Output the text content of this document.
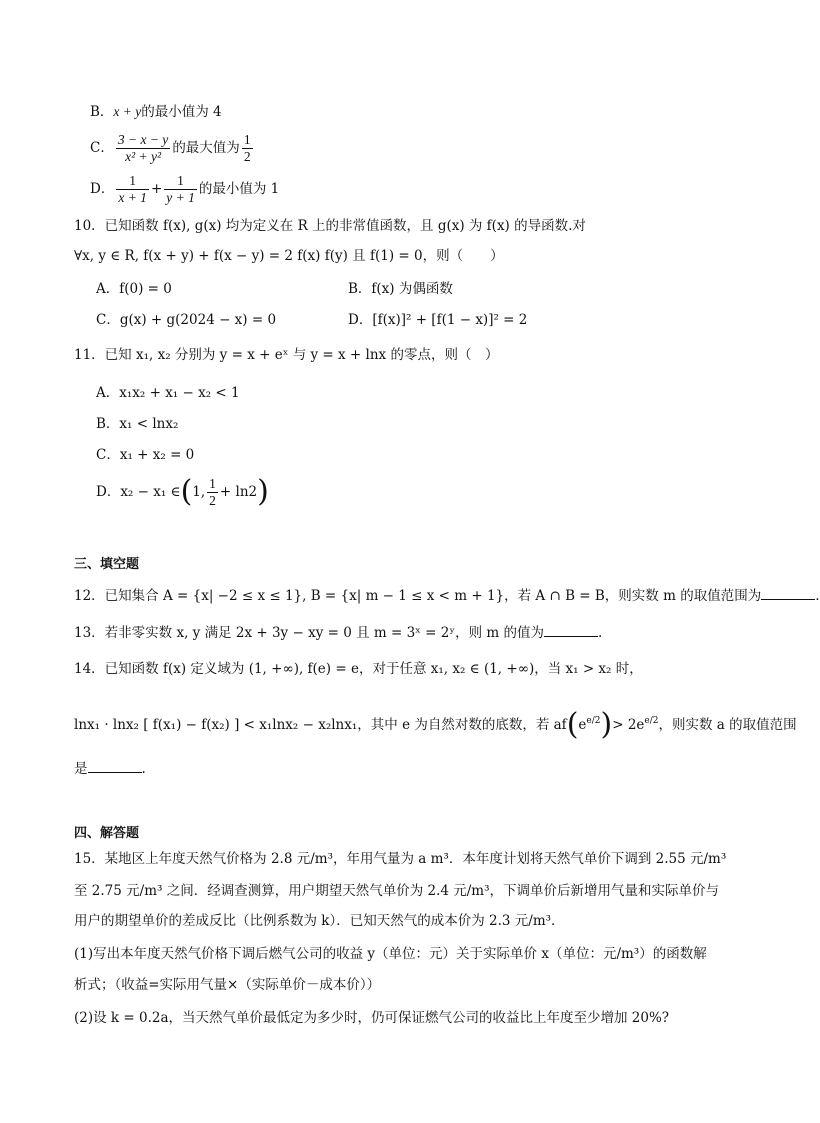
B．x + y的最小值为 4
C． $\frac{3 - x - y}{\text{x² + y²}}$ 的最大值为 $\frac{1}{2}$
D． $\frac{1}{x + 1} + \frac{1}{y + 1}$ 的最小值为 1
10．已知函数 f(x), g(x) 均为定义在 R 上的非常值函数，且 g(x) 为 f(x) 的导函数.对
∀x, y ∈ R, f(x + y) + f(x − y) = 2 f(x) f(y) 且 f(1) = 0，则（　　）
A．f(0) = 0	B．f(x) 为偶函数
C．g(x) + g(2024 − x) = 0	D．[f(x)]² + [f(1 − x)]² = 2
11．已知 x₁, x₂ 分别为 y = x + eˣ 与 y = x + lnx 的零点，则（　）
A．x₁x₂ + x₁ − x₂ < 1
B．x₁ < lnx₂
C．x₁ + x₂ = 0
D．x₂ − x₁ ∈(1, $\frac{1}{2} + \ln 2$)
三、填空题
12．已知集合 A = {x| −2 ≤ x ≤ 1}, B = {x| m − 1 ≤ x < m + 1}，若 A ∩ B = B，则实数 m 的取值范围为	.
13．若非零实数 x, y 满足 2x + 3y − xy = 0 且 m = 3ˣ = 2ʸ，则 m 的值为	.
14．已知函数 f(x) 定义域为 (1, +∞), f(e) = e，对于任意 x₁, x₂ ∈ (1, +∞)，当 x₁ > x₂ 时，
lnx₁ · lnx₂ [ f(x₁) − f(x₂) ] < x₁lnx₂ − x₂lnx₁，其中 e 为自然对数的底数，若 $af(e^{e/2})> 2e^{e/2}$，则实数 a 的取值范围
是	.
四、解答题
15．某地区上年度天然气价格为 2.8 元/m³，年用气量为 a m³．本年度计划将天然气单价下调到 2.55 元/m³
至 2.75 元/m³ 之间．经调查测算，用户期望天然气单价为 2.4 元/m³，下调单价后新增用气量和实际单价与
用户的期望单价的差成反比（比例系数为 k）．已知天然气的成本价为 2.3 元/m³．
(1)写出本年度天然气价格下调后燃气公司的收益 y（单位：元）关于实际单价 x（单位：元/m³）的函数解
析式；（收益=实际用气量×（实际单价－成本价））
(2)设 k = 0.2a，当天然气单价最低定为多少时，仍可保证燃气公司的收益比上年度至少增加 20%?
